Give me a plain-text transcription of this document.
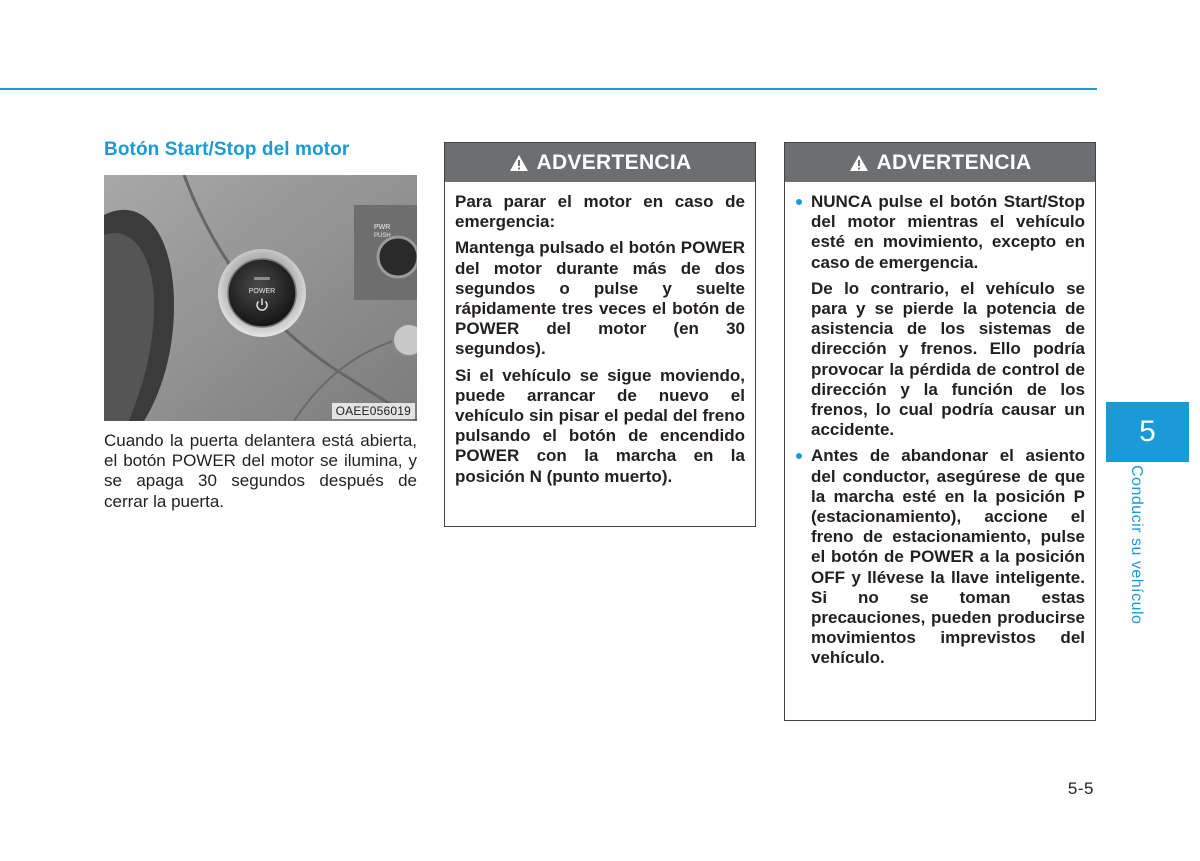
Botón Start/Stop del motor
PWR
PUSH
POWER
OAEE056019

Cuando la puerta delantera está abierta, el botón POWER del motor se ilumina, y se apaga 30 segundos después de cerrar la puerta.

ADVERTENCIA

Para parar el motor en caso de emergencia:

Mantenga pulsado el botón POWER del motor durante más de dos segundos o pulse y suelte rápidamente tres veces el botón de POWER del motor (en 30 segundos).

Si el vehículo se sigue moviendo, puede arrancar de nuevo el vehículo sin pisar el pedal del freno pulsando el botón de encendido POWER con la marcha en la posición N (punto muerto).

ADVERTENCIA

NUNCA pulse el botón Start/Stop del motor mientras el vehículo esté en movimiento, excepto en caso de emergencia.

De lo contrario, el vehículo se para y se pierde la potencia de asistencia de los sistemas de dirección y frenos. Ello podría provocar la pérdida de control de dirección y la función de los frenos, lo cual podría causar un accidente.

Antes de abandonar el asiento del conductor, asegúrese de que la marcha esté en la posición P (estacionamiento), accione el freno de estacionamiento, pulse el botón de POWER a la posición OFF y llévese la llave inteligente. Si no se toman estas precauciones, pueden producirse movimientos imprevistos del vehículo.

5
Conducir su vehículo
5-5
